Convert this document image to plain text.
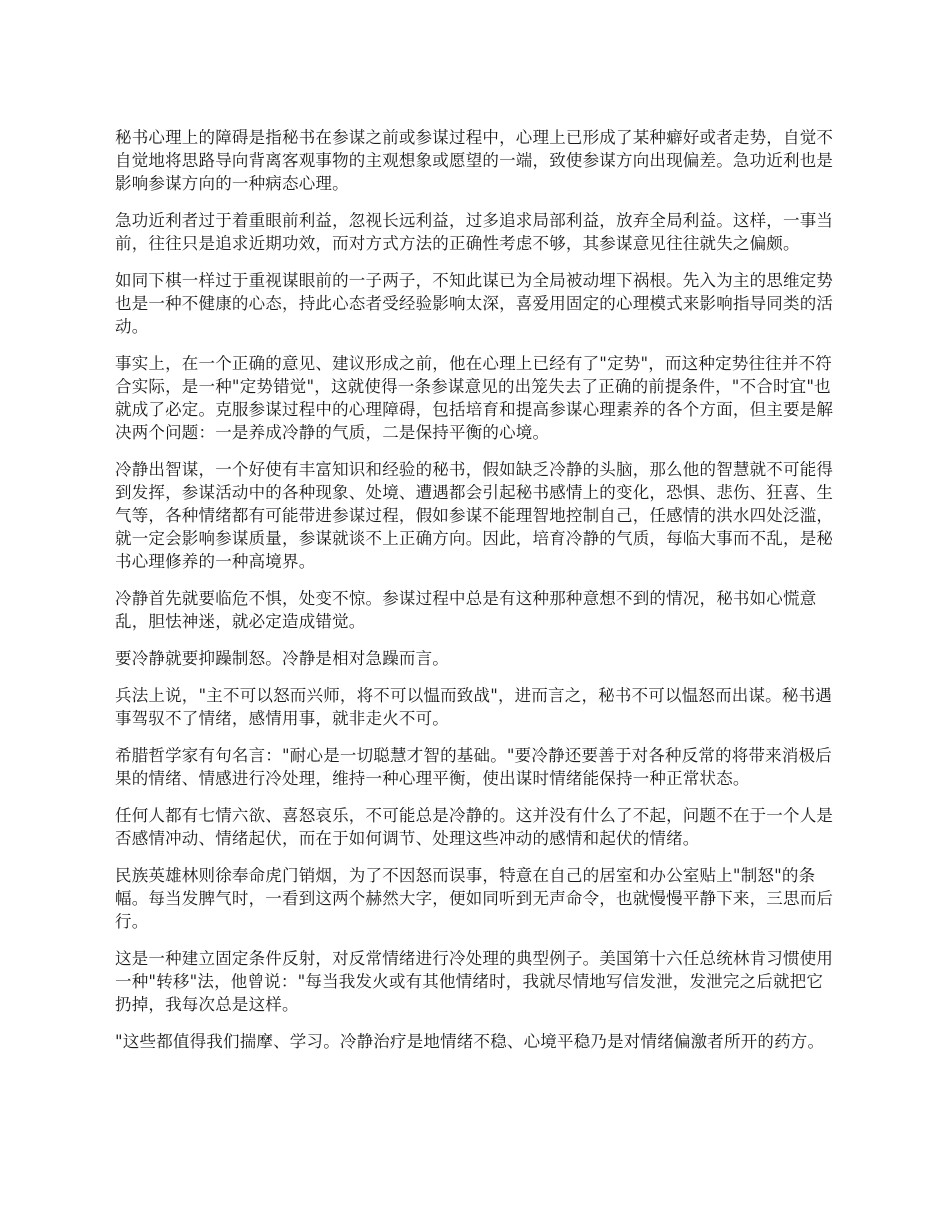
秘书心理上的障碍是指秘书在参谋之前或参谋过程中，心理上已形成了某种癖好或者走势，自觉不自觉地将思路导向背离客观事物的主观想象或愿望的一端，致使参谋方向出现偏差。急功近利也是影响参谋方向的一种病态心理。

急功近利者过于着重眼前利益，忽视长远利益，过多追求局部利益，放弃全局利益。这样，一事当前，往往只是追求近期功效，而对方式方法的正确性考虑不够，其参谋意见往往就失之偏颇。

如同下棋一样过于重视谋眼前的一子两子，不知此谋已为全局被动埋下祸根。先入为主的思维定势也是一种不健康的心态，持此心态者受经验影响太深，喜爱用固定的心理模式来影响指导同类的活动。

事实上，在一个正确的意见、建议形成之前，他在心理上已经有了"定势"，而这种定势往往并不符合实际，是一种"定势错觉"，这就使得一条参谋意见的出笼失去了正确的前提条件，"不合时宜"也就成了必定。克服参谋过程中的心理障碍，包括培育和提高参谋心理素养的各个方面，但主要是解决两个问题：一是养成冷静的气质，二是保持平衡的心境。

冷静出智谋，一个好使有丰富知识和经验的秘书，假如缺乏冷静的头脑，那么他的智慧就不可能得到发挥，参谋活动中的各种现象、处境、遭遇都会引起秘书感情上的变化，恐惧、悲伤、狂喜、生气等，各种情绪都有可能带进参谋过程，假如参谋不能理智地控制自己，任感情的洪水四处泛滥，就一定会影响参谋质量，参谋就谈不上正确方向。因此，培育冷静的气质，每临大事而不乱，是秘书心理修养的一种高境界。

冷静首先就要临危不惧，处变不惊。参谋过程中总是有这种那种意想不到的情况，秘书如心慌意乱，胆怯神迷，就必定造成错觉。

要冷静就要抑躁制怒。冷静是相对急躁而言。

兵法上说，"主不可以怒而兴师，将不可以愠而致战"，进而言之，秘书不可以愠怒而出谋。秘书遇事驾驭不了情绪，感情用事，就非走火不可。

希腊哲学家有句名言："耐心是一切聪慧才智的基础。"要冷静还要善于对各种反常的将带来消极后果的情绪、情感进行冷处理，维持一种心理平衡，使出谋时情绪能保持一种正常状态。

任何人都有七情六欲、喜怒哀乐，不可能总是冷静的。这并没有什么了不起，问题不在于一个人是否感情冲动、情绪起伏，而在于如何调节、处理这些冲动的感情和起伏的情绪。

民族英雄林则徐奉命虎门销烟，为了不因怒而误事，特意在自己的居室和办公室贴上"制怒"的条幅。每当发脾气时，一看到这两个赫然大字，便如同听到无声命令，也就慢慢平静下来，三思而后行。

这是一种建立固定条件反射，对反常情绪进行冷处理的典型例子。美国第十六任总统林肯习惯使用一种"转移"法，他曾说："每当我发火或有其他情绪时，我就尽情地写信发泄，发泄完之后就把它扔掉，我每次总是这样。

"这些都值得我们揣摩、学习。冷静治疗是地情绪不稳、心境平稳乃是对情绪偏激者所开的药方。
